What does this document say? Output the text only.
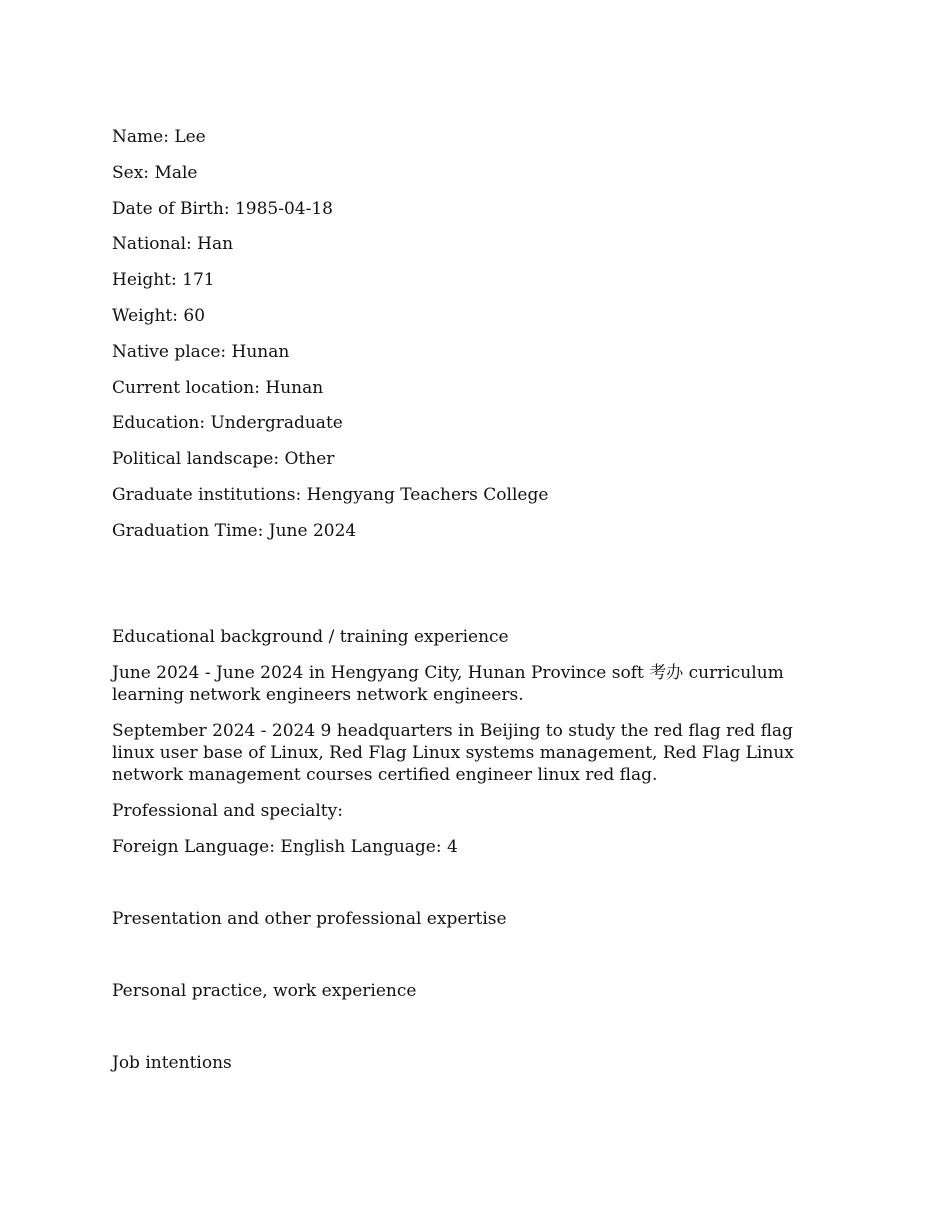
Name: Lee

Sex: Male

Date of Birth: 1985-04-18

National: Han

Height: 171

Weight: 60

Native place: Hunan

Current location: Hunan

Education: Undergraduate

Political landscape: Other

Graduate institutions: Hengyang Teachers College

Graduation Time: June 2024

Educational background / training experience

June 2024 - June 2024 in Hengyang City, Hunan Province soft 考办 curriculum learning network engineers network engineers.

September 2024 - 2024 9 headquarters in Beijing to study the red flag red flag linux user base of Linux, Red Flag Linux systems management, Red Flag Linux network management courses certified engineer linux red flag.

Professional and specialty:

Foreign Language: English Language: 4

Presentation and other professional expertise

Personal practice, work experience

Job intentions
